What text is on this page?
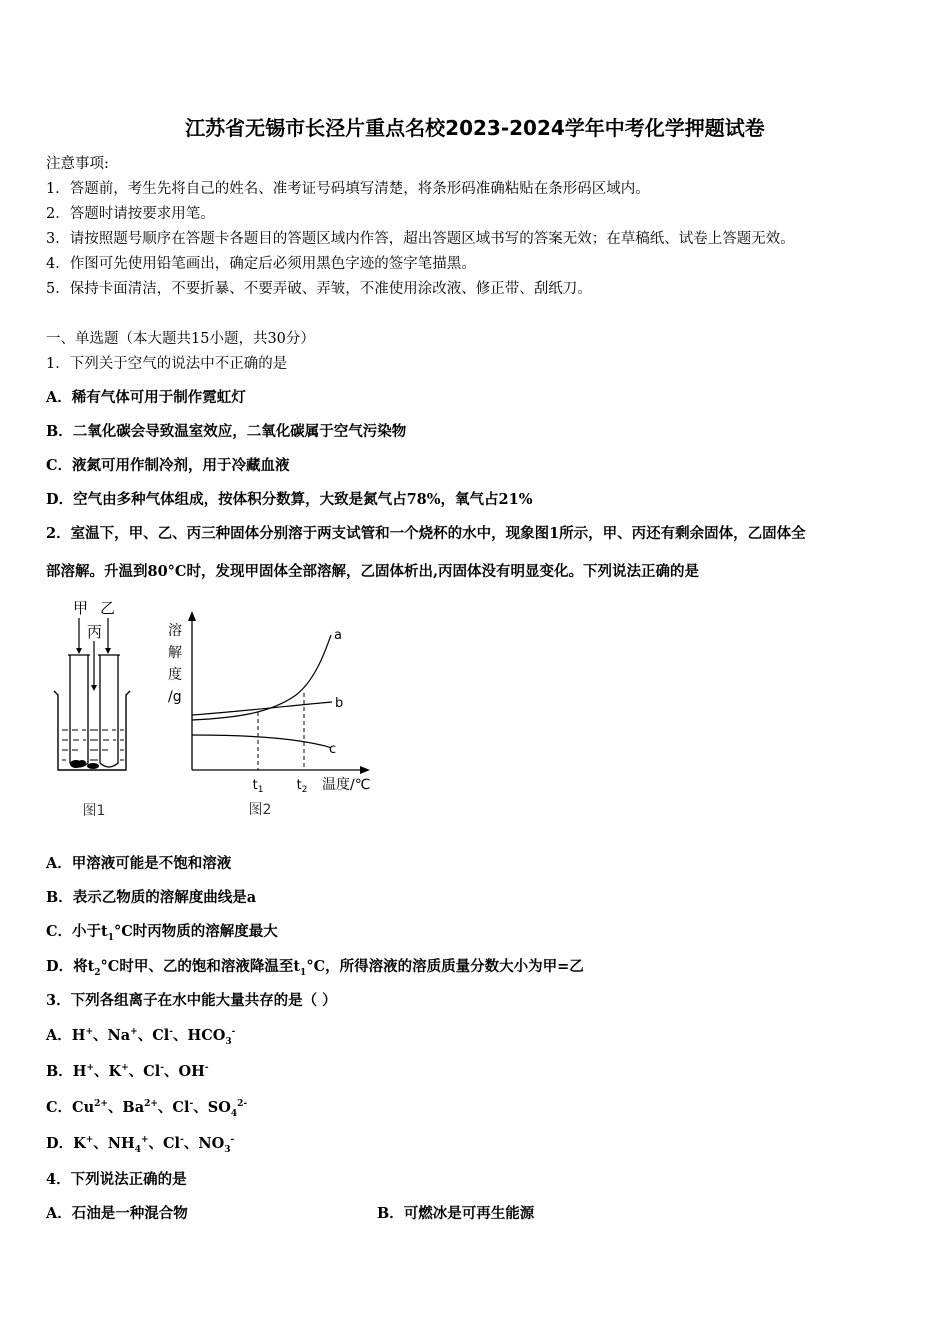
江苏省无锡市长泾片重点名校2023-2024学年中考化学押题试卷
注意事项:
1．答题前，考生先将自己的姓名、准考证号码填写清楚，将条形码准确粘贴在条形码区域内。
2．答题时请按要求用笔。
3．请按照题号顺序在答题卡各题目的答题区域内作答，超出答题区域书写的答案无效；在草稿纸、试卷上答题无效。
4．作图可先使用铅笔画出，确定后必须用黑色字迹的签字笔描黑。
5．保持卡面清洁，不要折暴、不要弄破、弄皱，不准使用涂改液、修正带、刮纸刀。
一、单选题（本大题共15小题，共30分）
1．下列关于空气的说法中不正确的是
A．稀有气体可用于制作霓虹灯
B．二氧化碳会导致温室效应，二氧化碳属于空气污染物
C．液氮可用作制冷剂，用于冷藏血液
D．空气由多种气体组成，按体积分数算，大致是氮气占78%，氧气占21%
2．室温下，甲、乙、丙三种固体分别溶于两支试管和一个烧杯的水中，现象图1所示，甲、丙还有剩余固体，乙固体全
部溶解。升温到80°C时，发现甲固体全部溶解，乙固体析出,丙固体没有明显变化。下列说法正确的是
甲 乙
丙
图1
溶
解
度
/g
a
b
c
$t_1$	$t_2$ 温度/℃
图2
A．甲溶液可能是不饱和溶液
B．表示乙物质的溶解度曲线是a
C．小于$t_1^\circ C$时丙物质的溶解度最大
D．将$t_2^\circ C$时甲、乙的饱和溶液降温至$t_1^\circ C$，所得溶液的溶质质量分数大小为甲=乙
3．下列各组离子在水中能大量共存的是（ ）
A．H+、Na+、Cl-、$HCO_3^-$
B．H+、K+、Cl-、OH-
C．$Cu^{2+}$、$Ba^{2+}$、Cl-、$SO_4^{2-}$
D．K+、$NH_4^+$、Cl-、$NO_3^-$
4．下列说法正确的是
A．石油是一种混合物	B．可燃冰是可再生能源
